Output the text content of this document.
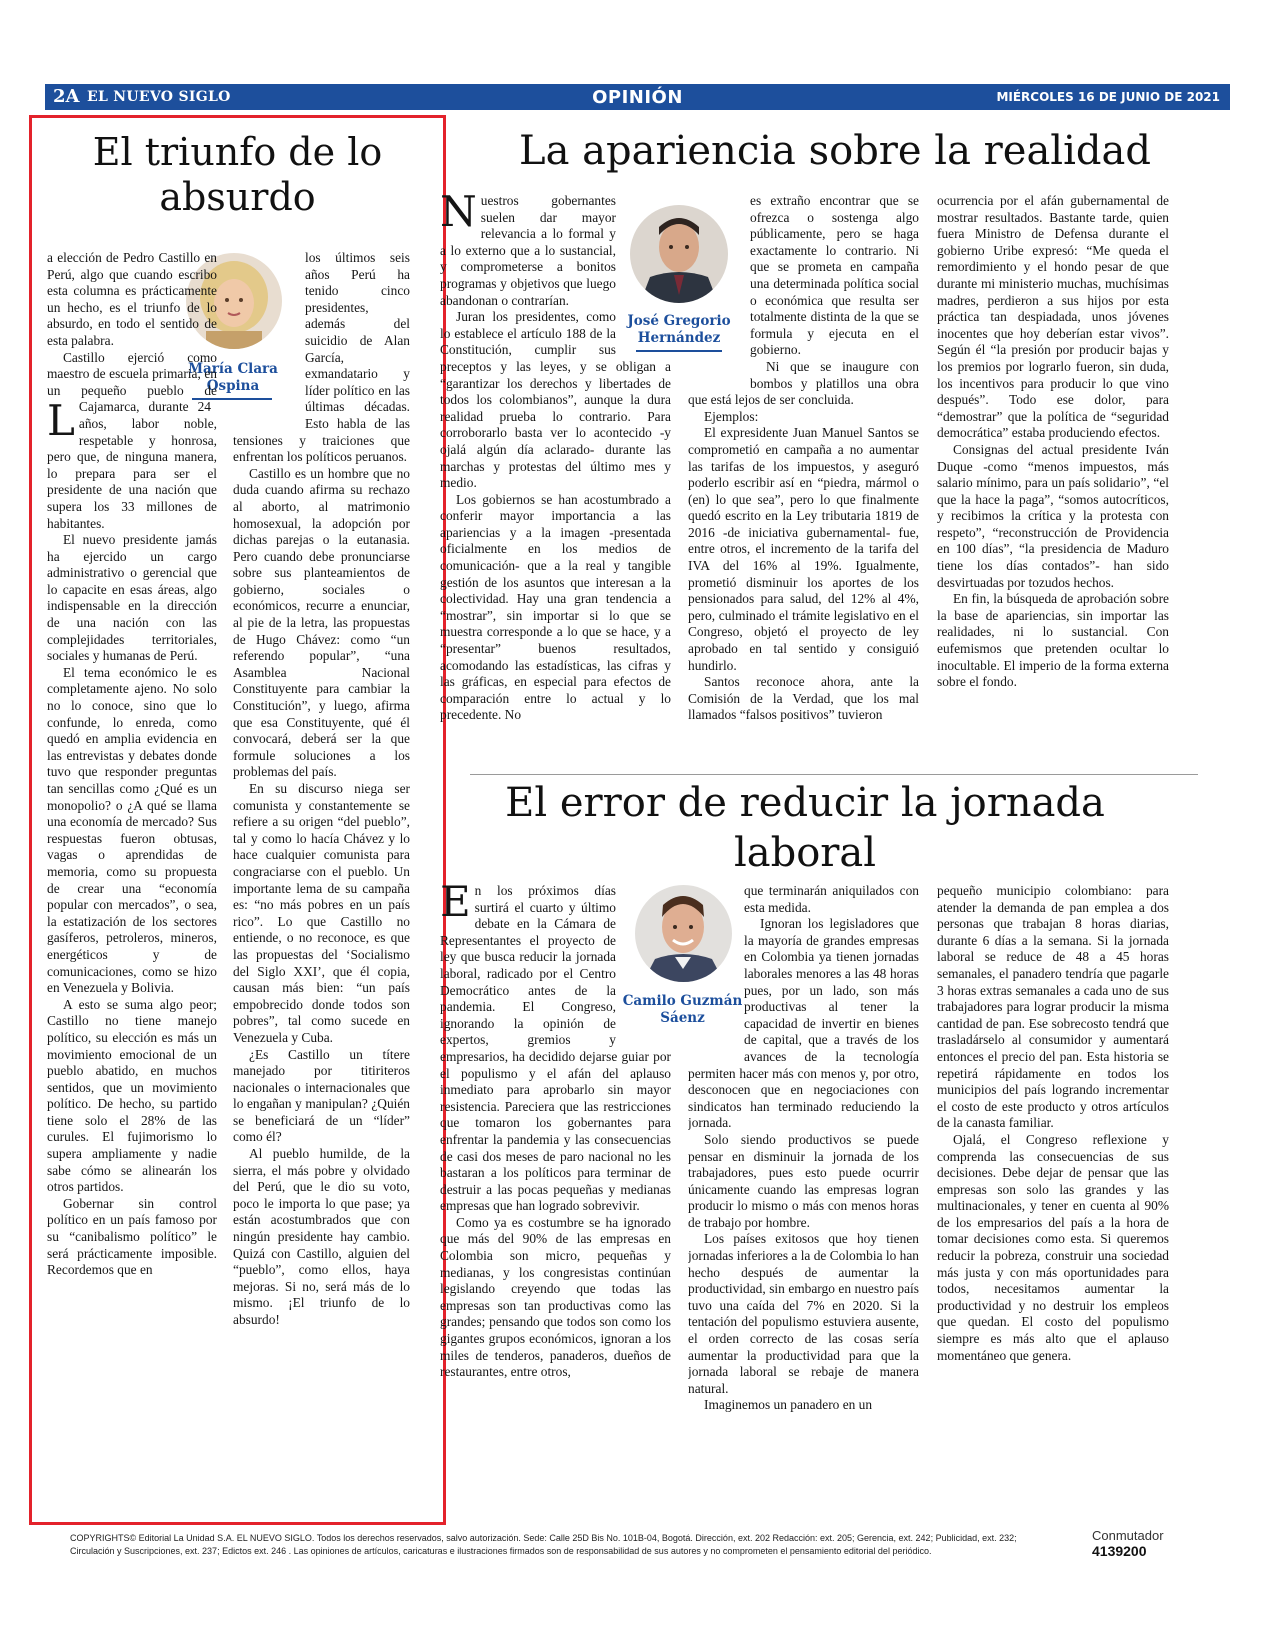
2A EL NUEVO SIGLO	OPINIÓN	MIÉRCOLES 16 DE JUNIO DE 2021
El triunfo de lo absurdo
María Clara Ospina

L
a elección de Pedro Castillo en Perú, algo que cuando escribo esta columna es prácticamente un hecho, es el triunfo de lo absurdo, en todo el sentido de esta palabra.

Castillo ejerció como maestro de escuela primaria, en un pequeño pueblo de Cajamarca, durante 24 años, labor noble, respetable y honrosa, pero que, de ninguna manera, lo prepara para ser el presidente de una nación que supera los 33 millones de habitantes.

El nuevo presidente jamás ha ejercido un cargo administrativo o gerencial que lo capacite en esas áreas, algo indispensable en la dirección de una nación con las complejidades territoriales, sociales y humanas de Perú.

El tema económico le es completamente ajeno. No solo no lo conoce, sino que lo confunde, lo enreda, como quedó en amplia evidencia en las entrevistas y debates donde tuvo que responder preguntas tan sencillas como ¿Qué es un monopolio? o ¿A qué se llama una economía de mercado? Sus respuestas fueron obtusas, vagas o aprendidas de memoria, como su propuesta de crear una “economía popular con mercados”, o sea, la estatización de los sectores gasíferos, petroleros, mineros, energéticos y de comunicaciones, como se hizo en Venezuela y Bolivia.

A esto se suma algo peor; Castillo no tiene manejo político, su elección es más un movimiento emocional de un pueblo abatido, en muchos sentidos, que un movimiento político. De hecho, su partido tiene solo el 28% de las curules. El fujimorismo lo supera ampliamente y nadie sabe cómo se alinearán los otros partidos.

Gobernar sin control político en un país famoso por su “canibalismo político” le será prácticamente imposible. Recordemos que en

los últimos seis años Perú ha tenido cinco presidentes, además del suicidio de Alan García, exmandatario y líder político en las últimas décadas. Esto habla de las tensiones y traiciones que enfrentan los políticos peruanos.

Castillo es un hombre que no duda cuando afirma su rechazo al aborto, al matrimonio homosexual, la adopción por dichas parejas o la eutanasia. Pero cuando debe pronunciarse sobre sus planteamientos de gobierno, sociales o económicos, recurre a enunciar, al pie de la letra, las propuestas de Hugo Chávez: como “un referendo popular”, “una Asamblea Nacional Constituyente para cambiar la Constitución”, y luego, afirma que esa Constituyente, qué él convocará, deberá ser la que formule soluciones a los problemas del país.

En su discurso niega ser comunista y constantemente se refiere a su origen “del pueblo”, tal y como lo hacía Chávez y lo hace cualquier comunista para congraciarse con el pueblo. Un importante lema de su campaña es: “no más pobres en un país rico”. Lo que Castillo no entiende, o no reconoce, es que las propuestas del ‘Socialismo del Siglo XXI’, que él copia, causan más bien: “un país empobrecido donde todos son pobres”, tal como sucede en Venezuela y Cuba.

¿Es Castillo un títere manejado por titiriteros nacionales o internacionales que lo engañan y manipulan? ¿Quién se beneficiará de un “líder” como él?

Al pueblo humilde, de la sierra, el más pobre y olvidado del Perú, que le dio su voto, poco le importa lo que pase; ya están acostumbrados que con ningún presidente hay cambio. Quizá con Castillo, alguien del “pueblo”, como ellos, haya mejoras. Si no, será más de lo mismo. ¡El triunfo de lo absurdo!

La apariencia sobre la realidad
José Gregorio Hernández

Nuestros gobernantes suelen dar mayor relevancia a lo formal y a lo externo que a lo sustancial, y comprometerse a bonitos programas y objetivos que luego abandonan o contrarían.

Juran los presidentes, como lo establece el artículo 188 de la Constitución, cumplir sus preceptos y las leyes, y se obligan a “garantizar los derechos y libertades de todos los colombianos”, aunque la dura realidad prueba lo contrario. Para corroborarlo basta ver lo acontecido -y ojalá algún día aclarado- durante las marchas y protestas del último mes y medio.

Los gobiernos se han acostumbrado a conferir mayor importancia a las apariencias y a la imagen -presentada oficialmente en los medios de comunicación- que a la real y tangible gestión de los asuntos que interesan a la colectividad. Hay una gran tendencia a “mostrar”, sin importar si lo que se muestra corresponde a lo que se hace, y a “presentar” buenos resultados, acomodando las estadísticas, las cifras y las gráficas, en especial para efectos de comparación entre lo actual y lo precedente. No

es extraño encontrar que se ofrezca o sostenga algo públicamente, pero se haga exactamente lo contrario. Ni que se prometa en campaña una determinada política social o económica que resulta ser totalmente distinta de la que se formula y ejecuta en el gobierno.

Ni que se inaugure con bombos y platillos una obra que está lejos de ser concluida.

Ejemplos:

El expresidente Juan Manuel Santos se comprometió en campaña a no aumentar las tarifas de los impuestos, y aseguró poderlo escribir así en “piedra, mármol o (en) lo que sea”, pero lo que finalmente quedó escrito en la Ley tributaria 1819 de 2016 -de iniciativa gubernamental- fue, entre otros, el incremento de la tarifa del IVA del 16% al 19%. Igualmente, prometió disminuir los aportes de los pensionados para salud, del 12% al 4%, pero, culminado el trámite legislativo en el Congreso, objetó el proyecto de ley aprobado en tal sentido y consiguió hundirlo.

Santos reconoce ahora, ante la Comisión de la Verdad, que los mal llamados “falsos positivos” tuvieron

ocurrencia por el afán gubernamental de mostrar resultados. Bastante tarde, quien fuera Ministro de Defensa durante el gobierno Uribe expresó: “Me queda el remordimiento y el hondo pesar de que durante mi ministerio muchas, muchísimas madres, perdieron a sus hijos por esta práctica tan despiadada, unos jóvenes inocentes que hoy deberían estar vivos”. Según él “la presión por producir bajas y los premios por lograrlo fueron, sin duda, los incentivos para producir lo que vino después”. Todo ese dolor, para “demostrar” que la política de “seguridad democrática” estaba produciendo efectos.

Consignas del actual presidente Iván Duque -como “menos impuestos, más salario mínimo, para un país solidario”, “el que la hace la paga”, “somos autocríticos, y recibimos la crítica y la protesta con respeto”, “reconstrucción de Providencia en 100 días”, “la presidencia de Maduro tiene los días contados”- han sido desvirtuadas por tozudos hechos.

En fin, la búsqueda de aprobación sobre la base de apariencias, sin importar las realidades, ni lo sustancial. Con eufemismos que pretenden ocultar lo inocultable. El imperio de la forma externa sobre el fondo.

El error de reducir la jornada laboral
Camilo Guzmán Sáenz

En los próximos días surtirá el cuarto y último debate en la Cámara de Representantes el proyecto de ley que busca reducir la jornada laboral, radicado por el Centro Democrático antes de la pandemia. El Congreso, ignorando la opinión de expertos, gremios y empresarios, ha decidido dejarse guiar por el populismo y el afán del aplauso inmediato para aprobarlo sin mayor resistencia. Pareciera que las restricciones que tomaron los gobernantes para enfrentar la pandemia y las consecuencias de casi dos meses de paro nacional no les bastaran a los políticos para terminar de destruir a las pocas pequeñas y medianas empresas que han logrado sobrevivir.

Como ya es costumbre se ha ignorado que más del 90% de las empresas en Colombia son micro, pequeñas y medianas, y los congresistas continúan legislando creyendo que todas las empresas son tan productivas como las grandes; pensando que todos son como los gigantes grupos económicos, ignoran a los miles de tenderos, panaderos, dueños de restaurantes, entre otros,

que terminarán aniquilados con esta medida.

Ignoran los legisladores que la mayoría de grandes empresas en Colombia ya tienen jornadas laborales menores a las 48 horas pues, por un lado, son más productivas al tener la capacidad de invertir en bienes de capital, que a través de los avances de la tecnología permiten hacer más con menos y, por otro, desconocen que en negociaciones con sindicatos han terminado reduciendo la jornada.

Solo siendo productivos se puede pensar en disminuir la jornada de los trabajadores, pues esto puede ocurrir únicamente cuando las empresas logran producir lo mismo o más con menos horas de trabajo por hombre.

Los países exitosos que hoy tienen jornadas inferiores a la de Colombia lo han hecho después de aumentar la productividad, sin embargo en nuestro país tuvo una caída del 7% en 2020. Si la tentación del populismo estuviera ausente, el orden correcto de las cosas sería aumentar la productividad para que la jornada laboral se rebaje de manera natural.

Imaginemos un panadero en un

pequeño municipio colombiano: para atender la demanda de pan emplea a dos personas que trabajan 8 horas diarias, durante 6 días a la semana. Si la jornada laboral se reduce de 48 a 45 horas semanales, el panadero tendría que pagarle 3 horas extras semanales a cada uno de sus trabajadores para lograr producir la misma cantidad de pan. Ese sobrecosto tendrá que trasladárselo al consumidor y aumentará entonces el precio del pan. Esta historia se repetirá rápidamente en todos los municipios del país logrando incrementar el costo de este producto y otros artículos de la canasta familiar.

Ojalá, el Congreso reflexione y comprenda las consecuencias de sus decisiones. Debe dejar de pensar que las empresas son solo las grandes y las multinacionales, y tener en cuenta al 90% de los empresarios del país a la hora de tomar decisiones como esta. Si queremos reducir la pobreza, construir una sociedad más justa y con más oportunidades para todos, necesitamos aumentar la productividad y no destruir los empleos que quedan. El costo del populismo siempre es más alto que el aplauso momentáneo que genera.

COPYRIGHTS© Editorial La Unidad S.A. EL NUEVO SIGLO. Todos los derechos reservados, salvo autorización. Sede: Calle 25D Bis No. 101B-04, Bogotá. Dirección, ext. 202 Redacción: ext. 205; Gerencia, ext. 242; Publicidad, ext. 232;
Circulación y Suscripciones, ext. 237; Edictos ext. 246 . Las opiniones de artículos, caricaturas e ilustraciones firmados son de responsabilidad de sus autores y no comprometen el pensamiento editorial del periódico.
Conmutador
4139200
